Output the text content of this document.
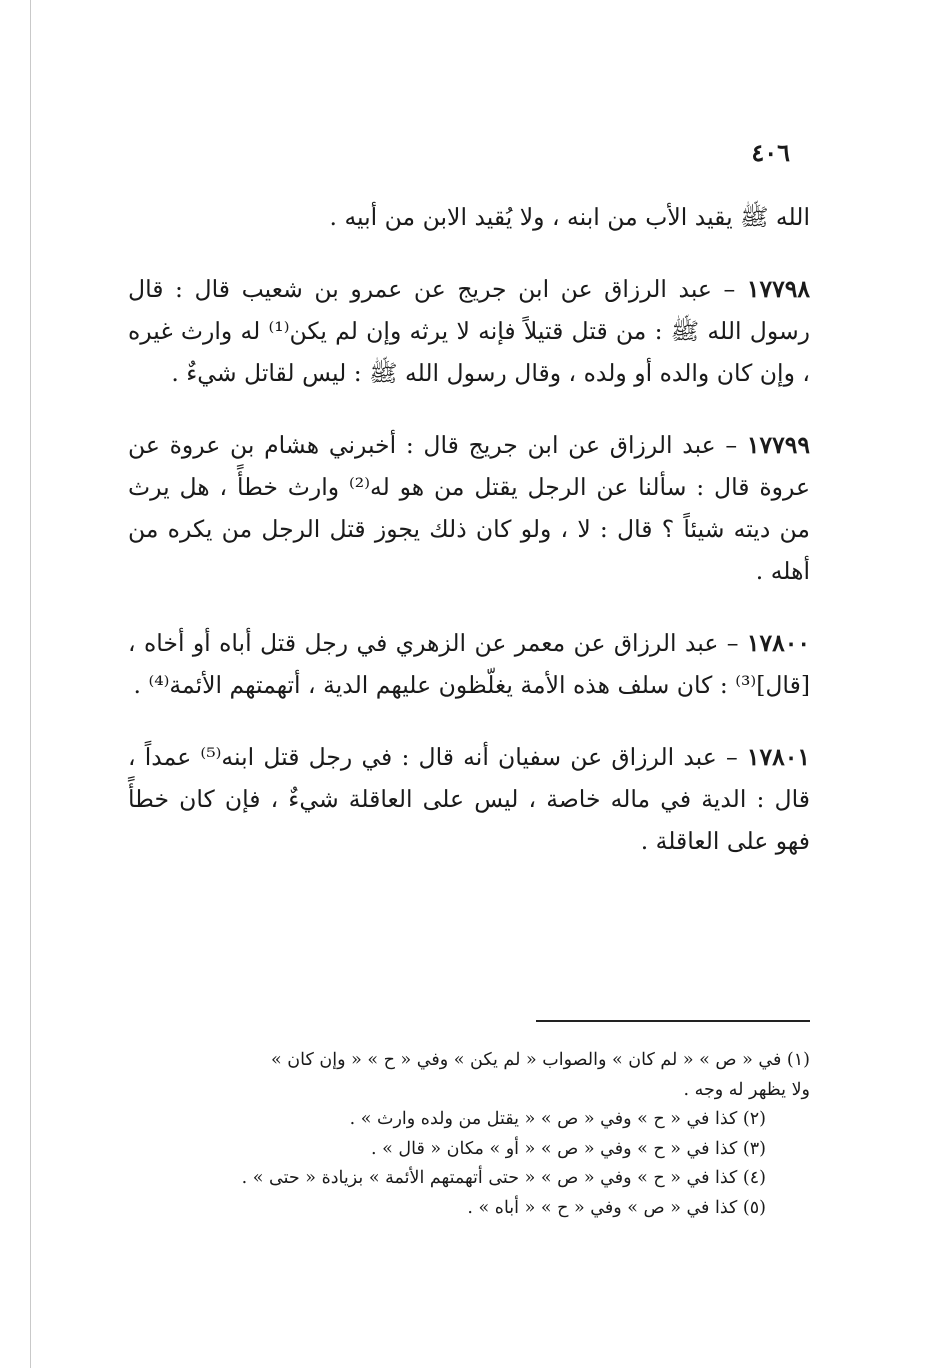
٤٠٦

الله ﷺ يقيد الأب من ابنه ، ولا يُقيد الابن من أبيه .

١٧٧٩٨ – عبد الرزاق عن ابن جريج عن عمرو بن شعيب قال : قال رسول الله ﷺ : من قتل قتيلاً فإنه لا يرثه وإن لم يكن⁽¹⁾ له وارث غيره ، وإن كان والده أو ولده ، وقال رسول الله ﷺ : ليس لقاتل شيءٌ .

١٧٧٩٩ – عبد الرزاق عن ابن جريج قال : أخبرني هشام بن عروة عن عروة قال : سألنا عن الرجل يقتل من هو له⁽²⁾ وارث خطأً ، هل يرث من ديته شيئاً ؟ قال : لا ، ولو كان ذلك يجوز قتل الرجل من يكره من أهله .

١٧٨٠٠ – عبد الرزاق عن معمر عن الزهري في رجل قتل أباه أو أخاه ، [قال]⁽³⁾ : كان سلف هذه الأمة يغلّظون عليهم الدية ، أتهمتهم الأئمة⁽⁴⁾ .

١٧٨٠١ – عبد الرزاق عن سفيان أنه قال : في رجل قتل ابنه⁽⁵⁾ عمداً ، قال : الدية في ماله خاصة ، ليس على العاقلة شيءٌ ، فإن كان خطأً فهو على العاقلة .

(١) في « ص » « لم كان » والصواب « لم يكن » وفي « ح » « وإن كان »

ولا يظهر له وجه .

(٢) كذا في « ح » وفي « ص » « يقتل من ولده وارث » .

(٣) كذا في « ح » وفي « ص » « أو » مكان « قال » .

(٤) كذا في « ح » وفي « ص » « حتى أتهمتهم الأئمة » بزيادة « حتى » .

(٥) كذا في « ص » وفي « ح » « أباه » .
